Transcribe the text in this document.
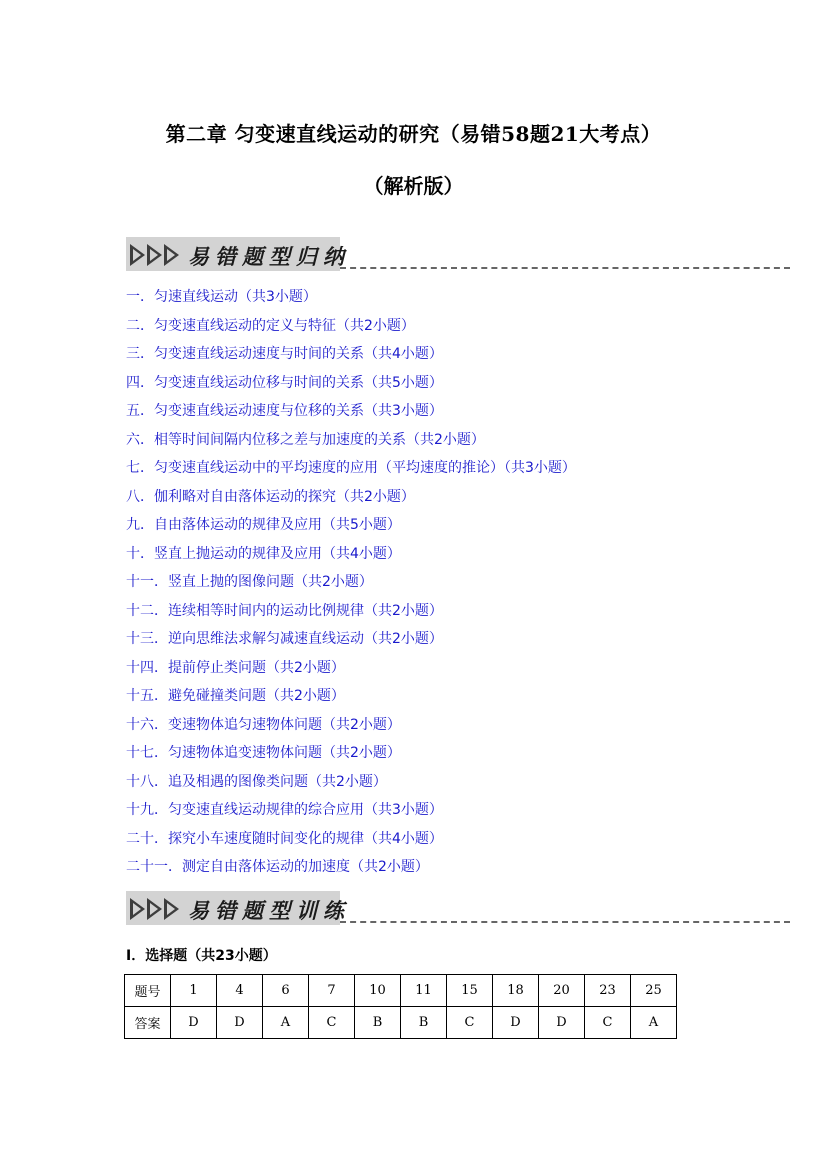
第二章 匀变速直线运动的研究（易错58题21大考点）
（解析版）
易错题型归纳
一．匀速直线运动（共3小题）
二．匀变速直线运动的定义与特征（共2小题）
三．匀变速直线运动速度与时间的关系（共4小题）
四．匀变速直线运动位移与时间的关系（共5小题）
五．匀变速直线运动速度与位移的关系（共3小题）
六．相等时间间隔内位移之差与加速度的关系（共2小题）
七．匀变速直线运动中的平均速度的应用（平均速度的推论）（共3小题）
八．伽利略对自由落体运动的探究（共2小题）
九．自由落体运动的规律及应用（共5小题）
十．竖直上抛运动的规律及应用（共4小题）
十一．竖直上抛的图像问题（共2小题）
十二．连续相等时间内的运动比例规律（共2小题）
十三．逆向思维法求解匀减速直线运动（共2小题）
十四．提前停止类问题（共2小题）
十五．避免碰撞类问题（共2小题）
十六．变速物体追匀速物体问题（共2小题）
十七．匀速物体追变速物体问题（共2小题）
十八．追及相遇的图像类问题（共2小题）
十九．匀变速直线运动规律的综合应用（共3小题）
二十．探究小车速度随时间变化的规律（共4小题）
二十一．测定自由落体运动的加速度（共2小题）
易错题型训练
Ⅰ．选择题（共23小题）
题号	1	4	6	7	10	11	15	18	20	23	25
答案	D	D	A	C	B	B	C	D	D	C	A
